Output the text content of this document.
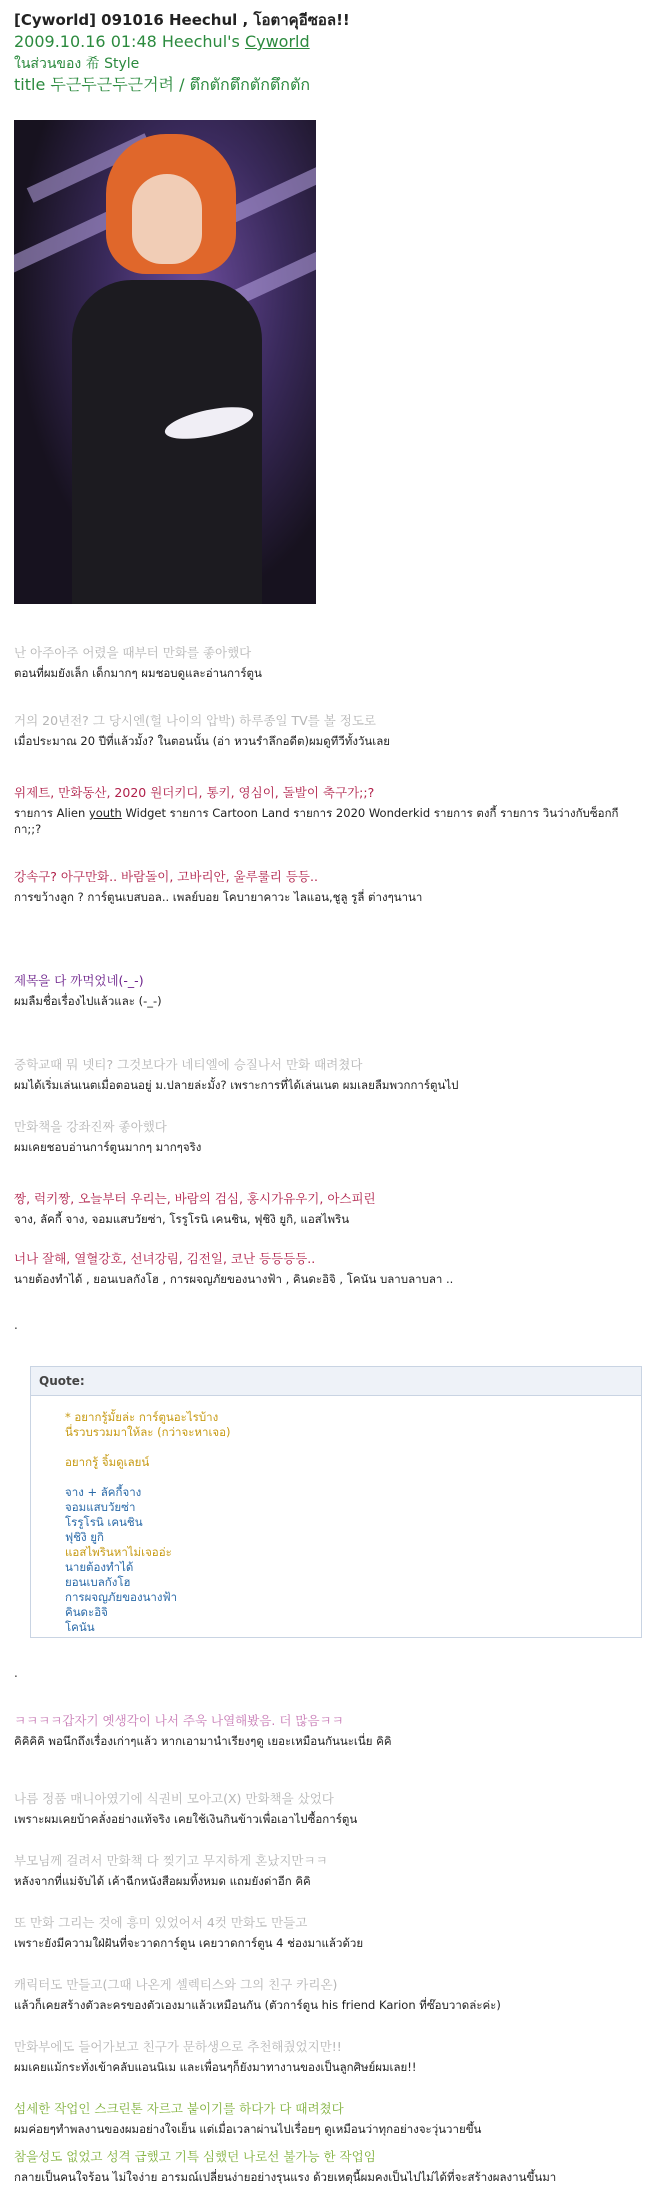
[Cyworld] 091016 Heechul , โอตาคุอีซอล!!
2009.10.16 01:48 Heechul's Cyworld
ในส่วนของ 希 Style
title 두근두근두근거려 / ตึกตักตึกตักตึกตัก
난 아주아주 어렸을 때부터 만화를 좋아했다
ตอนที่ผมยังเล็ก เด็กมากๆ ผมชอบดูและอ่านการ์ตูน
거의 20년전? 그 당시엔(헐 나이의 압박) 하루종일 TV를 볼 정도로
เมื่อประมาณ 20 ปีที่แล้วมั้ง? ในตอนนั้น (อ่า หวนรำลึกอดีต)ผมดูทีวีทั้งวันเลย
위제트, 만화동산, 2020 원더키디, 통키, 영심이, 돌발이 축구가;;?
รายการ Alien youth Widget รายการ Cartoon Land รายการ 2020 Wonderkid รายการ ตงกี้ รายการ วินว่างกับซ็อกกีกา;;?
강속구? 아구만화.. 바람돌이, 고바리안, 울루룰리 등등..
การขว้างลูก ? การ์ตูนเบสบอล.. เพลย์บอย โคบายาคาวะ ไลแอน,ชูลู รูลี่ ต่างๆนานา
제목을 다 까먹었네(-_-)
ผมลืมชื่อเรื่องไปแล้วและ (-_-)
중학교때 뭐 넷티? 그것보다가 네티엘에 승질나서 만화 때려쳤다
ผมได้เริ่มเล่นเนตเมื่อตอนอยู่ ม.ปลายล่ะมั้ง? เพราะการที่ได้เล่นเนต ผมเลยลืมพวกการ์ตูนไป
만화책을 강좌진짜 좋아했다
ผมเคยชอบอ่านการ์ตูนมากๆ มากๆจริง
짱, 럭키짱, 오늘부터 우리는, 바람의 검심, 홍시가유우기, 아스피린
จาง, ลัคกี้ จาง, จอมแสบวัยซ่า, โรรูโรนิ เคนชิน, ฟุชิงิ ยูกิ, แอสไพริน
너나 잘해, 열혈강호, 선녀강림, 김전일, 코난 등등등등..
นายต้องทำได้ , ยอนเบลกังโฮ , การผจญภัยของนางฟ้า , คินดะอิจิ , โคนัน บลาบลาบลา ..
.
Quote:
* อยากรู้มั้ยล่ะ การ์ตูนอะไรบ้าง
นี่รวบรวมมาให้ละ (กว่าจะหาเจอ)
อยากรู้ จิ้มดูเลยน์
จาง + ลัคกี้จาง
จอมแสบวัยซ่า
โรรูโรนิ เคนชิน
ฟุชิงิ ยูกิ
แอสไพรินหาไม่เจออ่ะ
นายต้องทำได้
ยอนเบลกังโฮ
การผจญภัยของนางฟ้า
คินดะอิจิ
โคนัน
.
ㅋㅋㅋㅋ갑자기 옛생각이 나서 주욱 나열해봤음. 더 많음ㅋㅋ
คิคิคิคิ พอนึกถึงเรื่องเก่าๆแล้ว หากเอามานำเรียงๆดู เยอะเหมือนกันนะเนี่ย คิคิ
나름 정품 매니아였기에 식권비 모아고(X) 만화책을 샀었다
เพราะผมเคยบ้าคลั่งอย่างแท้จริง เคยใช้เงินกินข้าวเพื่อเอาไปซื้อการ์ตูน
부모님께 걸려서 만화책 다 찢기고 무지하게 혼났지만ㅋㅋ
หลังจากที่แม่จับได้ เค้าฉีกหนังสือผมทิ้งหมด แถมยังด่าอีก คิคิ
또 만화 그리는 것에 흥미 있었어서 4컷 만화도 만들고
เพราะยังมีความใฝ่ฝันที่จะวาดการ์ตูน เคยวาดการ์ตูน 4 ช่องมาแล้วด้วย
캐릭터도 만들고(그때 나온게 셀렉티스와 그의 친구 카리온)
แล้วก็เคยสร้างตัวละครของตัวเองมาแล้วเหมือนกัน (ตัวการ์ตูน his friend Karion ที่ซ๊อบวาดล่ะค่ะ)
만화부에도 들어가보고 친구가 문하생으로 추천해줬었지만!!
ผมเคยแม้กระทั่งเข้าคลับแอนนิเม และเพื่อนๆก็ยังมาทางานของเป็นลูกศิษย์ผมเลย!!
섬세한 작업인 스크린톤 자르고 붙이기를 하다가 다 때려쳤다
ผมค่อยๆทำพลงานของผมอย่างใจเย็น แต่เมื่อเวลาผ่านไปเรื่อยๆ ดูเหมือนว่าทุกอย่างจะวุ่นวายขึ้น
참을성도 없었고 성격 급했고 기특 심했던 나로선 불가능 한 작업임
กลายเป็นคนใจร้อน ไม่ใจง่าย อารมณ์เปลี่ยนง่ายอย่างรุนแรง ด้วยเหตุนี้ผมคงเป็นไปไม่ได้ที่จะสร้างผลงานขึ้นมา
